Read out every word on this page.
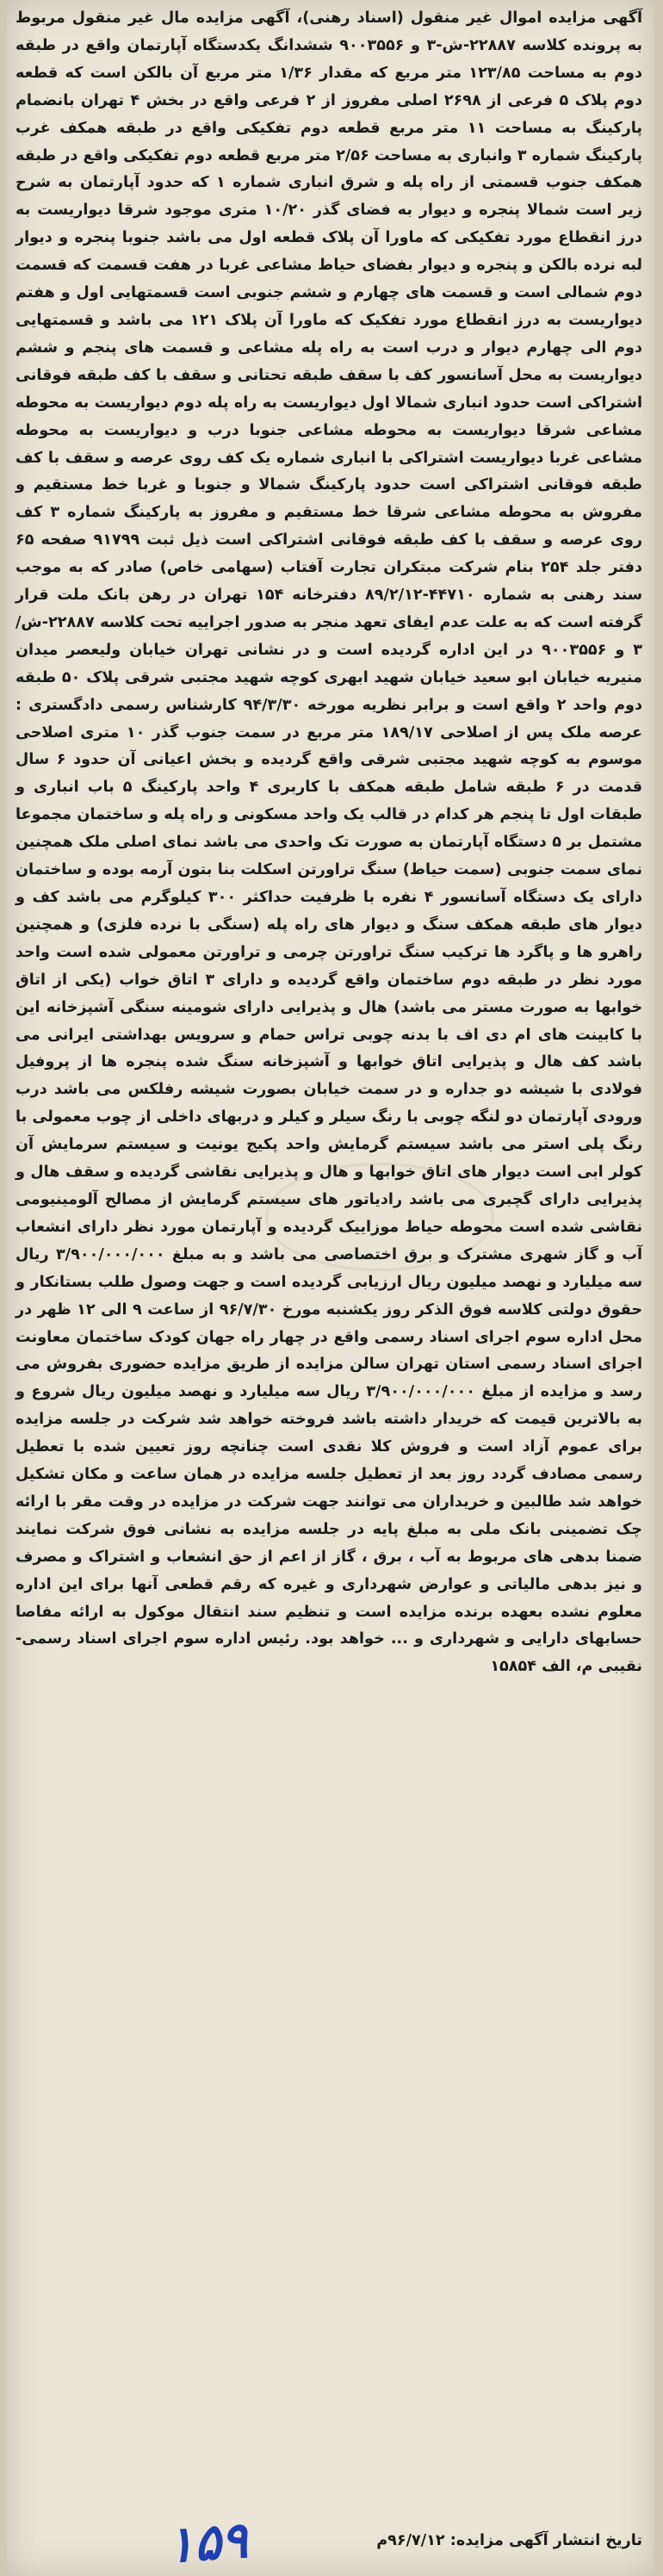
آگهی مزایده اموال غیر منقول (اسناد رهنی)، آگهی مزایده مال غیر منقول مربوط به پرونده کلاسه ۲۲۸۸۷-ش-۳ و ۹۰۰۳۵۵۶ ششدانگ یکدستگاه آپارتمان واقع در طبقه دوم به مساحت ۱۲۳/۸۵ متر مربع که مقدار ۱/۳۶ متر مربع آن بالکن است که قطعه دوم پلاک ۵ فرعی از ۲۶۹۸ اصلی مفروز از ۲ فرعی واقع در بخش ۴ تهران بانضمام پارکینگ به مساحت ۱۱ متر مربع قطعه دوم تفکیکی واقع در طبقه همکف غرب پارکینگ شماره ۳ وانباری به مساحت ۲/۵۶ متر مربع قطعه دوم تفکیکی واقع در طبقه همکف جنوب قسمتی از راه پله و شرق انباری شماره ۱ که حدود آپارتمان به شرح زیر است شمالا پنجره و دیوار به فضای گذر ۱۰/۲۰ متری موجود شرقا دیواریست به درز انقطاع مورد تفکیکی که ماورا آن پلاک قطعه اول می باشد جنوبا پنجره و دیوار لبه نرده بالکن و پنجره و دیوار بفضای حیاط مشاعی غربا در هفت قسمت که قسمت دوم شمالی است و قسمت های چهارم و ششم جنوبی است قسمتهایی اول و هفتم دیواریست به درز انقطاع مورد تفکیک که ماورا آن پلاک ۱۲۱ می باشد و قسمتهایی دوم الی چهارم دیوار و درب است به راه پله مشاعی و قسمت های پنجم و ششم دیواریست به محل آسانسور کف با سقف طبقه تحتانی و سقف با کف طبقه فوقانی اشتراکی است حدود انباری شمالا اول دیواریست به راه پله دوم دیواریست به محوطه مشاعی شرقا دیواریست به محوطه مشاعی جنوبا درب و دیواریست به محوطه مشاعی غربا دیواریست اشتراکی با انباری شماره یک کف روی عرصه و سقف با کف طبقه فوقانی اشتراکی است حدود پارکینگ شمالا و جنوبا و غربا خط مستقیم و مفروش به محوطه مشاعی شرقا خط مستقیم و مفروز به پارکینگ شماره ۳ کف روی عرصه و سقف با کف طبقه فوقانی اشتراکی است ذیل ثبت ۹۱۷۹۹ صفحه ۶۵ دفتر جلد ۲۵۴ بنام شرکت مبتکران تجارت آفتاب (سهامی خاص) صادر که به موجب سند رهنی به شماره ۴۴۷۱۰-۸۹/۲/۱۲ دفترخانه ۱۵۴ تهران در رهن بانک ملت قرار گرفته است که به علت عدم ایفای تعهد منجر به صدور اجراییه تحت کلاسه ۲۲۸۸۷-ش/۳ و ۹۰۰۳۵۵۶ در این اداره گردیده است و در نشانی تهران خیابان ولیعصر میدان منیریه خیابان ابو سعید خیابان شهید ابهری کوچه شهید مجتبی شرقی پلاک ۵۰ طبقه دوم واحد ۲ واقع است و برابر نظریه مورخه ۹۴/۳/۳۰ کارشناس رسمی دادگستری : عرصه ملک پس از اصلاحی ۱۸۹/۱۷ متر مربع در سمت جنوب گذر ۱۰ متری اصلاحی موسوم به کوچه شهید مجتبی شرقی واقع گردیده و بخش اعیانی آن حدود ۶ سال قدمت در ۶ طبقه شامل طبقه همکف با کاربری ۴ واحد پارکینگ ۵ باب انباری و طبقات اول تا پنجم هر کدام در قالب یک واحد مسکونی و راه پله و ساختمان مجموعا مشتمل بر ۵ دستگاه آپارتمان به صورت تک واحدی می باشد نمای اصلی ملک همچنین نمای سمت جنوبی (سمت حیاط) سنگ تراورتن اسکلت بنا بتون آرمه بوده و ساختمان دارای یک دستگاه آسانسور ۴ نفره با ظرفیت حداکثر ۳۰۰ کیلوگرم می باشد کف و دیوار های طبقه همکف سنگ و دیوار های راه پله (سنگی با نرده فلزی) و همچنین راهرو ها و پاگرد ها ترکیب سنگ تراورتن چرمی و تراورتن معمولی شده است واحد مورد نظر در طبقه دوم ساختمان واقع گردیده و دارای ۳ اتاق خواب (یکی از اتاق خوابها به صورت مستر می باشد) هال و پذیرایی دارای شومینه سنگی آشپزخانه این با کابینت های ام دی اف با بدنه چوبی تراس حمام و سرویس بهداشتی ایرانی می باشد کف هال و پذیرایی اتاق خوابها و آشپزخانه سنگ شده پنجره ها از پروفیل فولادی با شیشه دو جداره و در سمت خیابان بصورت شیشه رفلکس می باشد درب ورودی آپارتمان دو لنگه چوبی با رنگ سیلر و کیلر و دربهای داخلی از چوب معمولی با رنگ پلی استر می باشد سیستم گرمایش واحد پکیج یونیت و سیستم سرمایش آن کولر ابی است دیوار های اتاق خوابها و هال و پذیرایی نقاشی گردیده و سقف هال و پذیرایی دارای گچبری می باشد رادیاتور های سیستم گرمایش از مصالح آلومینیومی نقاشی شده است محوطه حیاط موزاییک گردیده و آپارتمان مورد نظر دارای انشعاب آب و گاز شهری مشترک و برق اختصاصی می باشد و به مبلغ ۳/۹۰۰/۰۰۰/۰۰۰ ریال سه میلیارد و نهصد میلیون ریال ارزیابی گردیده است و جهت وصول طلب بستانکار و حقوق دولتی کلاسه فوق الذکر روز یکشنبه مورخ ۹۶/۷/۳۰ از ساعت ۹ الی ۱۲ ظهر در محل اداره سوم اجرای اسناد رسمی واقع در چهار راه جهان کودک ساختمان معاونت اجرای اسناد رسمی استان تهران سالن مزایده از طریق مزایده حضوری بفروش می رسد و مزایده از مبلغ ۳/۹۰۰/۰۰۰/۰۰۰ ریال سه میلیارد و نهصد میلیون ریال شروع و به بالاترین قیمت که خریدار داشته باشد فروخته خواهد شد شرکت در جلسه مزایده برای عموم آزاد است و فروش کلا نقدی است چنانچه روز تعیین شده با تعطیل رسمی مصادف گردد روز بعد از تعطیل جلسه مزایده در همان ساعت و مکان تشکیل خواهد شد طالبین و خریداران می توانند جهت شرکت در مزایده در وقت مقر با ارائه چک تضمینی بانک ملی به مبلغ پایه در جلسه مزایده به نشانی فوق شرکت نمایند ضمنا بدهی های مربوط به آب ، برق ، گاز از اعم از حق انشعاب و اشتراک و مصرف و نیز بدهی مالیاتی و عوارض شهرداری و غیره که رقم قطعی آنها برای این اداره معلوم نشده بعهده برنده مزایده است و تنظیم سند انتقال موکول به ارائه مفاصا حسابهای دارایی و شهرداری و ... خواهد بود. رئیس اداره سوم اجرای اسناد رسمی- نقیبی م، الف ۱۵۸۵۴

۱۵۹	تاریخ انتشار آگهی مزایده: ۹۶/۷/۱۲م
